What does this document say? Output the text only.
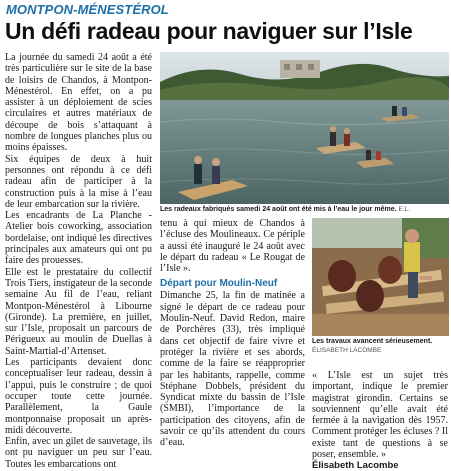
MONTPON-MÉNESTÉROL
Un défi radeau pour naviguer sur l’Isle

La journée du samedi 24 août a été très particulière sur le site de la base de loisirs de Chandos, à Montpon-Ménestérol. En effet, on a pu assister à un déploiement de scies circulaires et autres matériaux de découpe de bois s’attaquant à nombre de longues planches plus ou moins épaisses.

Six équipes de deux à huit personnes ont répondu à ce défi radeau afin de participer à la construction puis à la mise à l’eau de leur embarcation sur la rivière.

Les encadrants de La Planche - Atelier bois coworking, association bordelaise, ont indiqué les directives principales aux amateurs qui ont pu faire des prouesses.

Elle est le prestataire du collectif Trois Tiers, instigateur de la seconde semaine Au fil de l’eau, reliant Montpon-Ménestérol à Libourne (Gironde). La première, en juillet, sur l’Isle, proposait un parcours de Périgueux au moulin de Duellas à Saint-Martial-d’Artenset.

Les participants devaient donc conceptualiser leur radeau, dessin à l’appui, puis le construire ; de quoi occuper toute cette journée. Parallèlement, la Gaule montponnaise proposait un après-midi découverte.

Enfin, avec un gilet de sauvetage, ils ont pu naviguer un peu sur l’eau. Toutes les embarcations ont

Les radeaux fabriqués samedi 24 août ont été mis à l’eau le jour même. E.L.

tenu à quí mieux de Chandos à l’écluse des Moulineaux. Ce périple a aussi été inauguré le 24 août avec le départ du radeau « Le Rougat de l’Isle ».

Départ pour Moulin-Neuf

Dimanche 25, la fin de matinée a signé le départ de ce radeau pour Moulin-Neuf. David Redon, maire de Porchères (33), très impliqué dans cet objectif de faire vivre et protéger la rivière et ses abords, comme de la faire se réapproprier par les habitants, rappelle, comme Stéphane Dobbels, président du Syndicat mixte du bassin de l’Isle (SMBI), l’importance de la participation des citoyens, afin de savoir ce qu’ils attendent du cours d’eau.

Les travaux avancent sérieusement.
ÉLISABETH LACOMBE

« L’Isle est un sujet très important, indique le premier magistrat girondin. Certains se souviennent qu’elle avait été fermée à la navigation dès 1957. Comment protéger les écluses ? Il existe tant de questions à se poser, ensemble. »

Élisabeth Lacombe
